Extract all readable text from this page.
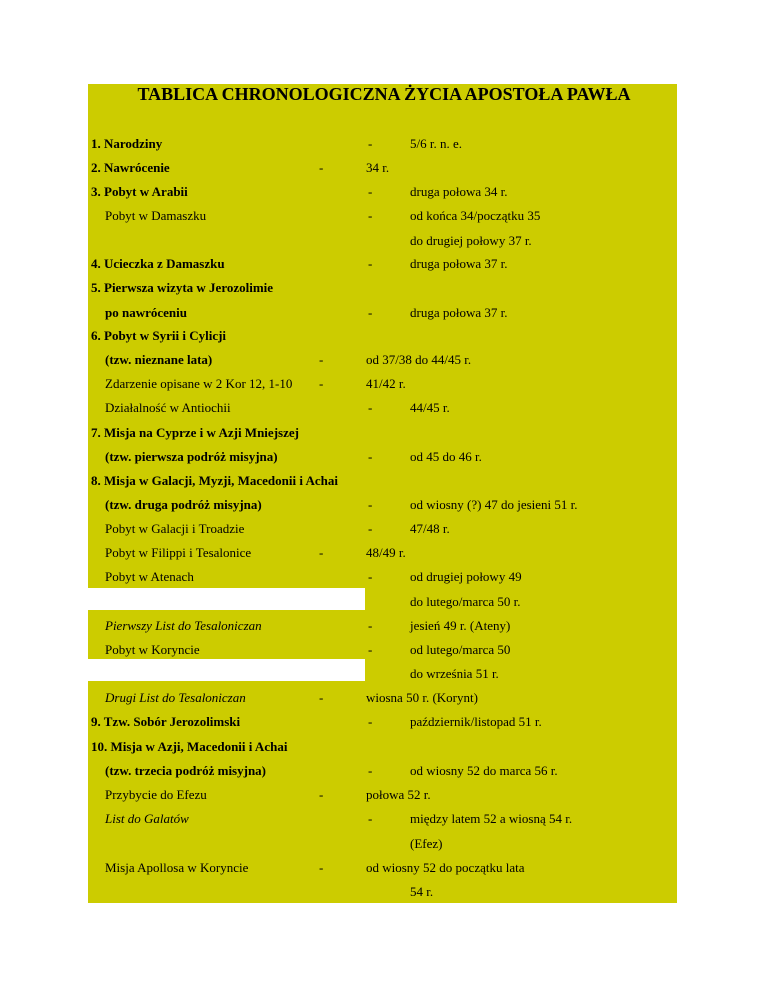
TABLICA CHRONOLOGICZNA ŻYCIA APOSTOŁA PAWŁA
1. Narodziny	-	5/6 r. n. e.
2. Nawrócenie	-	34 r.
3. Pobyt w Arabii	-	druga połowa 34 r.
Pobyt w Damaszku	-	od końca 34/początku 35
do drugiej połowy 37 r.
4. Ucieczka z Damaszku	-	druga połowa 37 r.
5. Pierwsza wizyta w Jerozolimie
po nawróceniu	-	druga połowa 37 r.
6. Pobyt w Syrii i Cylicji
(tzw. nieznane lata)	-	od 37/38 do 44/45 r.
Zdarzenie opisane w 2 Kor 12, 1-10 -	41/42 r.
Działalność w Antiochii	-	44/45 r.
7. Misja na Cyprze i w Azji Mniejszej
(tzw. pierwsza podróż misyjna)	-	od 45 do 46 r.
8. Misja w Galacji, Myzji, Macedonii i Achai
(tzw. druga podróż misyjna)	-	od wiosny (?) 47 do jesieni 51 r.
Pobyt w Galacji i Troadzie	-	47/48 r.
Pobyt w Filippi i Tesalonice	-	48/49 r.
Pobyt w Atenach	-	od drugiej połowy 49
do lutego/marca 50 r.
Pierwszy List do Tesaloniczan	-	jesień 49 r. (Ateny)
Pobyt w Koryncie	-	od lutego/marca 50
do września 51 r.
Drugi List do Tesaloniczan	-	wiosna 50 r. (Korynt)
9. Tzw. Sobór Jerozolimski	-	październik/listopad 51 r.
10. Misja w Azji, Macedonii i Achai
(tzw. trzecia podróż misyjna)	-	od wiosny 52 do marca 56 r.
Przybycie do Efezu	-	połowa 52 r.
List do Galatów	-	między latem 52 a wiosną 54 r.
(Efez)
Misja Apollosa w Koryncie	-	od wiosny 52 do początku lata
54 r.
